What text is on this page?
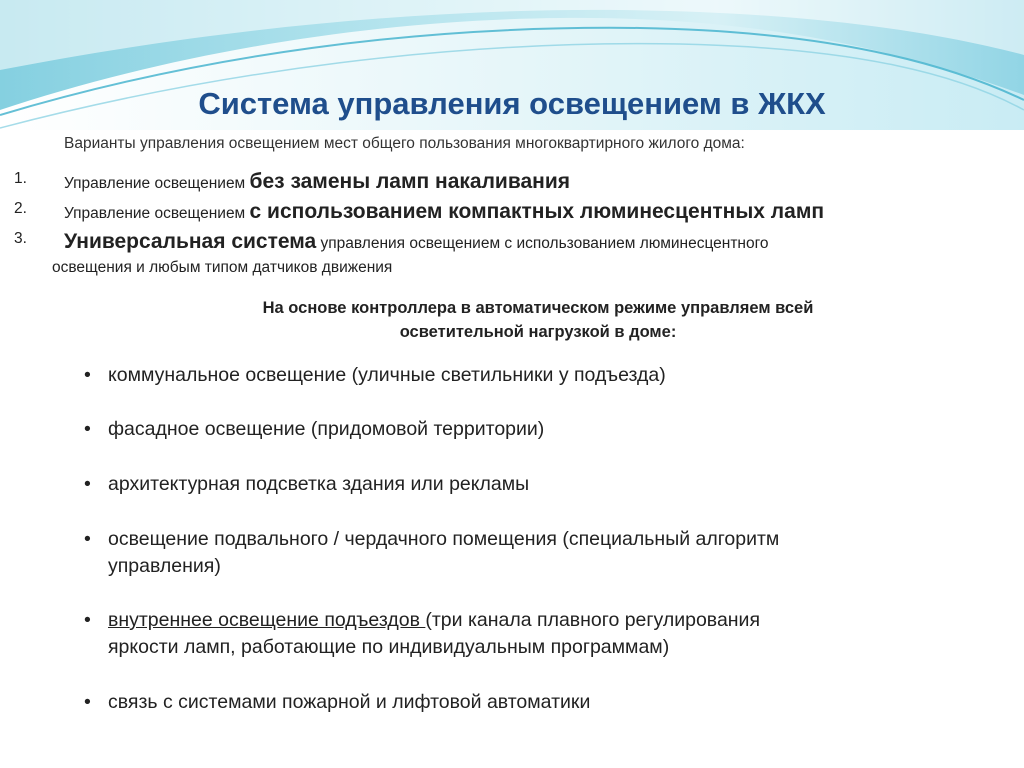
Система управления освещением в ЖКХ
Варианты управления освещением мест общего пользования многоквартирного жилого дома:
1. Управление освещением без замены ламп накаливания
2. Управление освещением с использованием компактных люминесцентных ламп
3. Универсальная система управления освещением с использованием люминесцентного
освещения и любым типом датчиков движения
На основе контроллера в автоматическом режиме управляем всей
осветительной нагрузкой в доме:
• коммунальное освещение (уличные светильники у подъезда)
• фасадное освещение (придомовой территории)
• архитектурная подсветка здания или рекламы
• освещение подвального / чердачного помещения (специальный алгоритм
управления)
• внутреннее освещение подъездов (три канала плавного регулирования
яркости ламп, работающие по индивидуальным программам)
• связь с системами пожарной и лифтовой автоматики
